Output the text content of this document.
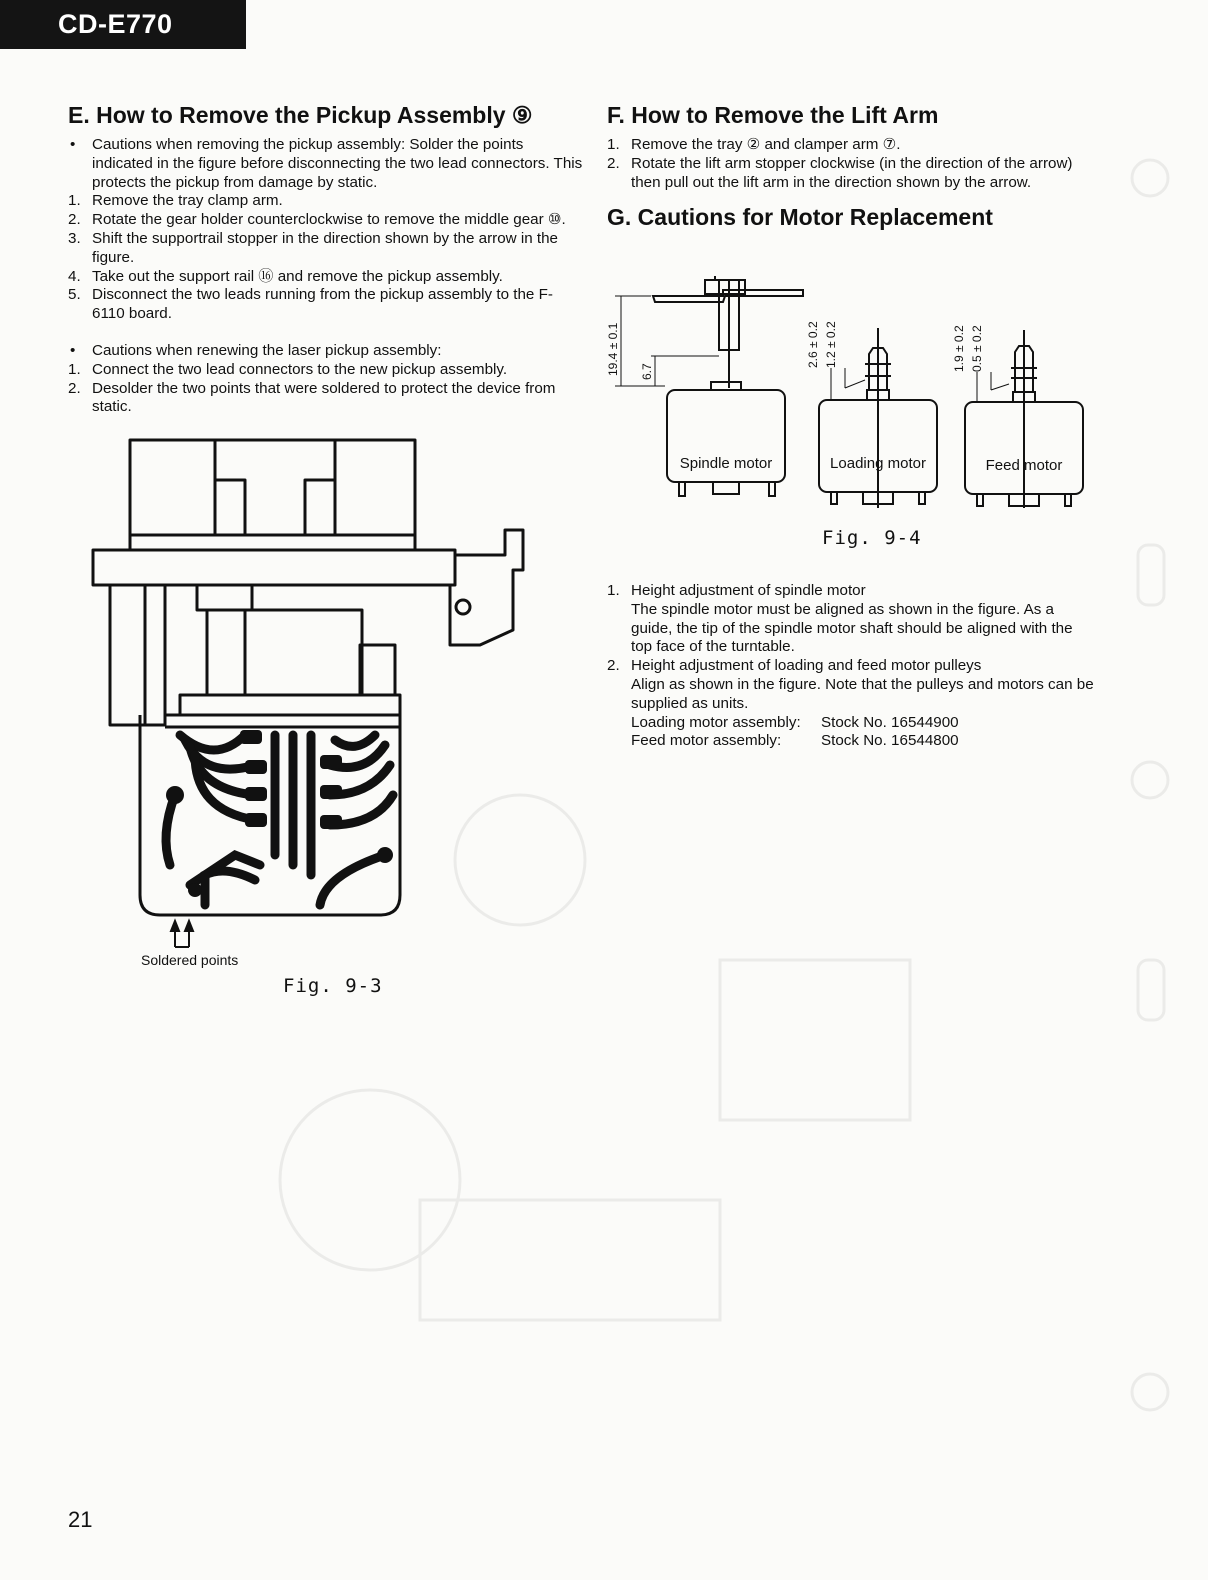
CD-E770
E. How to Remove the Pickup Assembly ⑨
• Cautions when removing the pickup assembly: Solder the points indicated in the figure before disconnecting the two lead connectors. This protects the pickup from damage by static.
1. Remove the tray clamp arm.
2. Rotate the gear holder counterclockwise to remove the middle gear ⑩.
3. Shift the supportrail stopper in the direction shown by the arrow in the figure.
4. Take out the support rail ⑯ and remove the pickup assembly.
5. Disconnect the two leads running from the pickup assembly to the F-6110 board.
• Cautions when renewing the laser pickup assembly:
1. Connect the two lead connectors to the new pickup assembly.
2. Desolder the two points that were soldered to protect the device from static.
Soldered points
Fig. 9-3
F. How to Remove the Lift Arm
1. Remove the tray ② and clamper arm ⑦.
2. Rotate the lift arm stopper clockwise (in the direction of the arrow) then pull out the lift arm in the direction shown by the arrow.
G. Cautions for Motor Replacement
19.4 ± 0.1 6.7
2.6 ± 0.2 1.2 ± 0.2	1.9 ± 0.2 0.5 ± 0.2
Spindle motor	Loading motor	Feed motor
Fig. 9-4
1. Height adjustment of spindle motor
The spindle motor must be aligned as shown in the figure. As a guide, the tip of the spindle motor shaft should be aligned with the top face of the turntable.
2. Height adjustment of loading and feed motor pulleys
Align as shown in the figure. Note that the pulleys and motors can be supplied as units.
Loading motor assembly:	Stock No. 16544900
Feed motor assembly:	Stock No. 16544800
21
